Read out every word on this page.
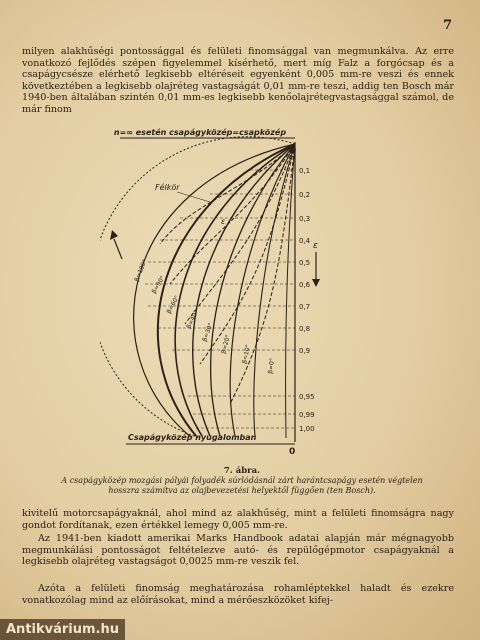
7

milyen alakhűségi pontossággal és felületi finomsággal van megmunkálva. Az erre vonatkozó fejlődés szépen figyelemmel kísérhető, mert míg Falz a forgócsap és a csapágycsésze elérhető legkisebb eltéréseit egyenként 0,005 mm-re veszi és ennek következtében a legkisebb olajréteg vastagságát 0,01 mm-re teszi, addig ten Bosch már 1940-ben általában szintén 0,01 mm-es legkisebb kenőolajrétegvastagsággal számol, de már finom

n=∞ esetén csapágyközép=csapközép
0
0,1
0,2
0,3
0,4
0,5
0,6
0,7
0,8
0,9
0,95
0,99
1,00
β=180°
Félkör
β=90°
β=60°
β=40°
β=30°
β=20° β=10°
β=0°
ε
ε
Csapágyközép nyugalomban
0

7. ábra.
A csapágyközép mozgási pályái folyadék súrlódásnál zárt harántcsapágy esetén végtelen hosszra számítva az olajbevezetési helyektől függően (ten Bosch).

kivitelű motorcsapágyaknál, ahol mind az alakhűség, mint a felületi finomságra nagy gondot fordítanak, ezen értékkel lemegy 0,005 mm-re.

Az 1941-ben kiadott amerikai Marks Handbook adatai alapján már mégnagyobb megmunkálási pontosságot feltételezve autó- és repülőgépmotor csapágyaknál a legkisebb olajréteg vastagságot 0,0025 mm-re veszik fel.

Azóta a felületi finomság meghatározása rohamléptekkel haladt és ezekre vonatkozólag mind az előírásokat, mind a mérőeszközöket kifej-

Antikvárium.hu
